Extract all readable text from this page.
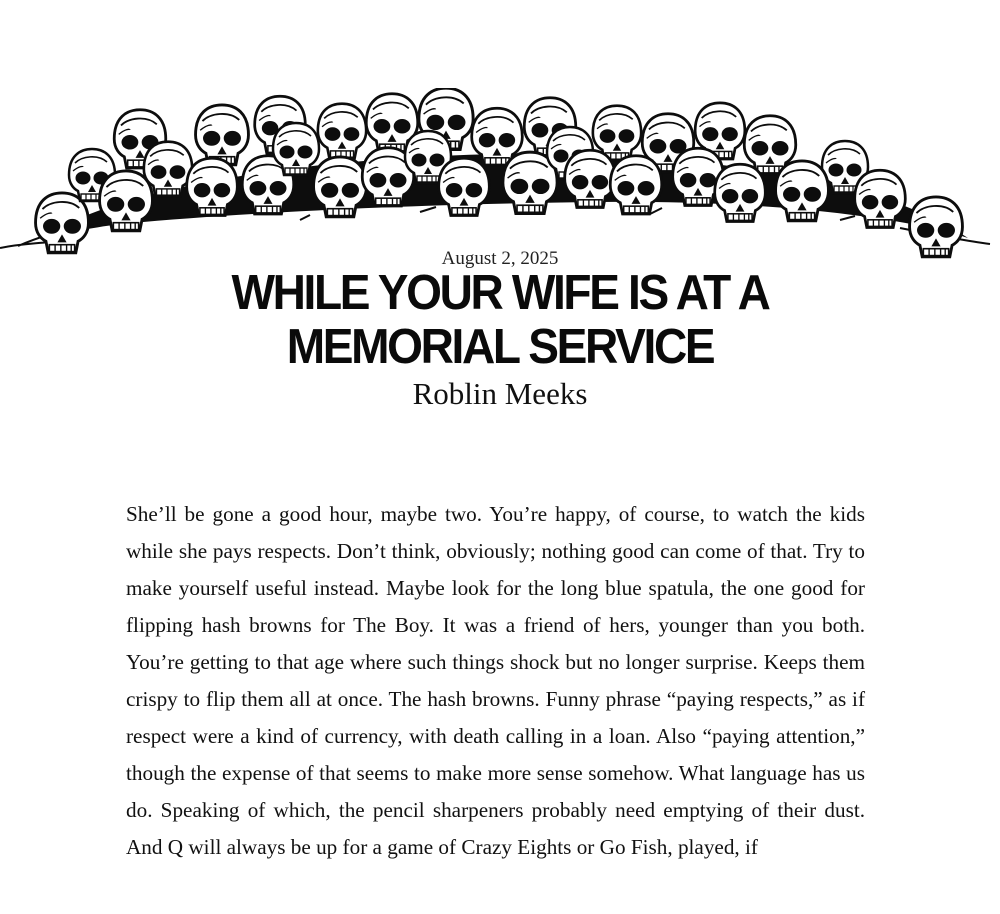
August 2, 2025
WHILE YOUR WIFE IS AT A MEMORIAL SERVICE
Roblin Meeks

She’ll be gone a good hour, maybe two. You’re happy, of course, to watch the kids while she pays respects. Don’t think, obviously; nothing good can come of that. Try to make yourself useful instead. Maybe look for the long blue spatula, the one good for flipping hash browns for The Boy. It was a friend of hers, younger than you both. You’re getting to that age where such things shock but no longer surprise. Keeps them crispy to flip them all at once. The hash browns. Funny phrase “paying respects,” as if respect were a kind of currency, with death calling in a loan. Also “paying attention,” though the expense of that seems to make more sense somehow. What language has us do. Speaking of which, the pencil sharpeners probably need emptying of their dust. And Q will always be up for a game of Crazy Eights or Go Fish, played, if
